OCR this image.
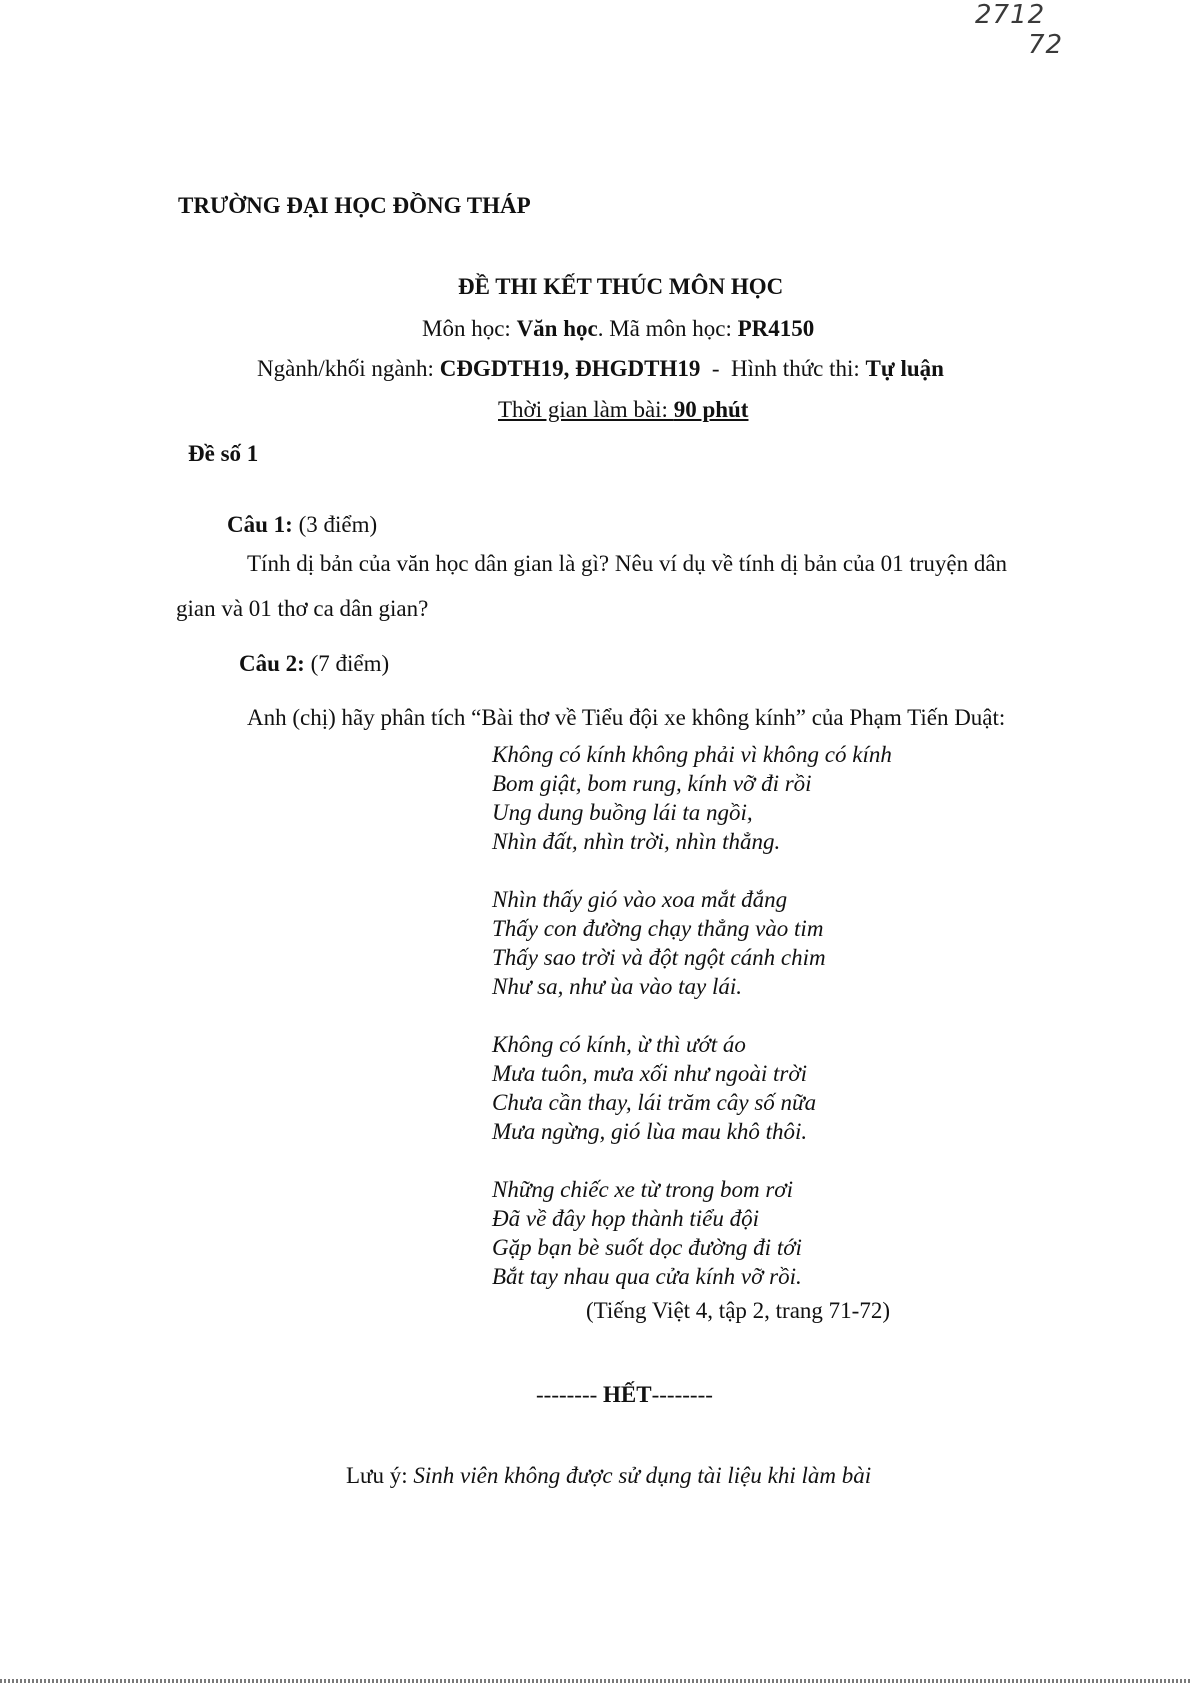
2712
72
TRƯỜNG ĐẠI HỌC ĐỒNG THÁP
ĐỀ THI KẾT THÚC MÔN HỌC
Môn học: Văn học. Mã môn học: PR4150
Ngành/khối ngành: CĐGDTH19, ĐHGDTH19  -  Hình thức thi: Tự luận
Thời gian làm bài: 90 phút
Đề số 1
Câu 1: (3 điểm)
Tính dị bản của văn học dân gian là gì? Nêu ví dụ về tính dị bản của 01 truyện dân
gian và 01 thơ ca dân gian?
Câu 2: (7 điểm)
Anh (chị) hãy phân tích “Bài thơ về Tiểu đội xe không kính” của Phạm Tiến Duật:
Không có kính không phải vì không có kính
Bom giật, bom rung, kính vỡ đi rồi
Ung dung buồng lái ta ngồi,
Nhìn đất, nhìn trời, nhìn thẳng.
Nhìn thấy gió vào xoa mắt đắng
Thấy con đường chạy thẳng vào tim
Thấy sao trời và đột ngột cánh chim
Như sa, như ùa vào tay lái.
Không có kính, ừ thì ướt áo
Mưa tuôn, mưa xối như ngoài trời
Chưa cần thay, lái trăm cây số nữa
Mưa ngừng, gió lùa mau khô thôi.
Những chiếc xe từ trong bom rơi
Đã về đây họp thành tiểu đội
Gặp bạn bè suốt dọc đường đi tới
Bắt tay nhau qua cửa kính vỡ rồi.
(Tiếng Việt 4, tập 2, trang 71-72)
-------- HẾT--------
Lưu ý: Sinh viên không được sử dụng tài liệu khi làm bài
